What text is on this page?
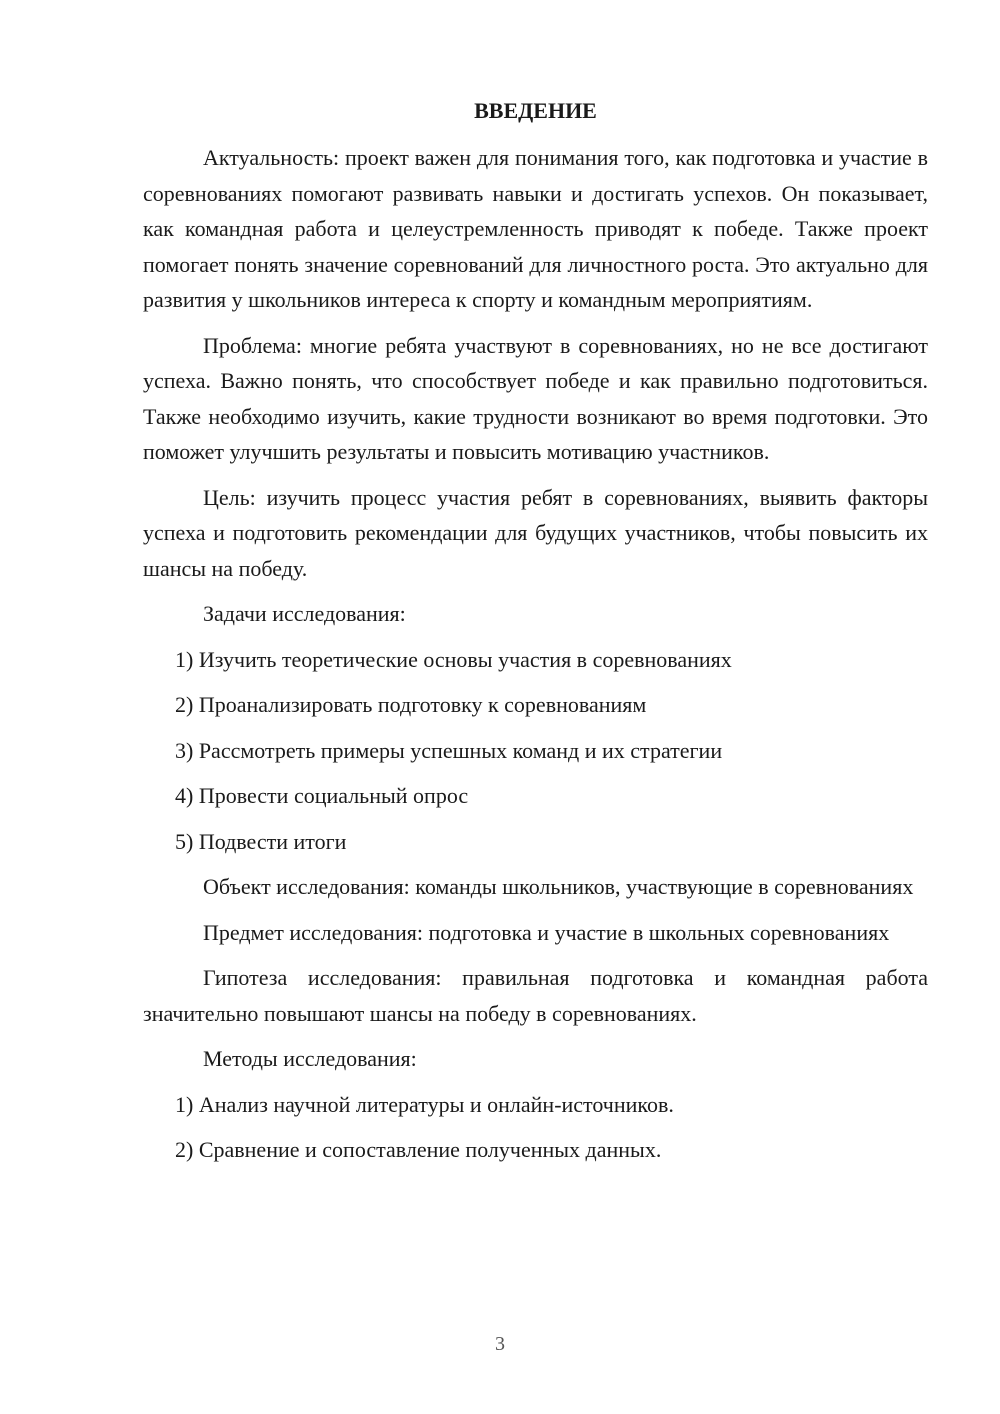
ВВЕДЕНИЕ
Актуальность: проект важен для понимания того, как подготовка и участие в соревнованиях помогают развивать навыки и достигать успехов. Он показывает, как командная работа и целеустремленность приводят к победе. Также проект помогает понять значение соревнований для личностного роста. Это актуально для развития у школьников интереса к спорту и командным мероприятиям.
Проблема: многие ребята участвуют в соревнованиях, но не все достигают успеха. Важно понять, что способствует победе и как правильно подготовиться. Также необходимо изучить, какие трудности возникают во время подготовки. Это поможет улучшить результаты и повысить мотивацию участников.
Цель: изучить процесс участия ребят в соревнованиях, выявить факторы успеха и подготовить рекомендации для будущих участников, чтобы повысить их шансы на победу.
Задачи исследования:
1) Изучить теоретические основы участия в соревнованиях
2) Проанализировать подготовку к соревнованиям
3) Рассмотреть примеры успешных команд и их стратегии
4) Провести социальный опрос
5) Подвести итоги
Объект исследования: команды школьников, участвующие в соревнованиях
Предмет исследования: подготовка и участие в школьных соревнованиях
Гипотеза исследования: правильная подготовка и командная работа значительно повышают шансы на победу в соревнованиях.
Методы исследования:
1) Анализ научной литературы и онлайн-источников.
2) Сравнение и сопоставление полученных данных.
3
